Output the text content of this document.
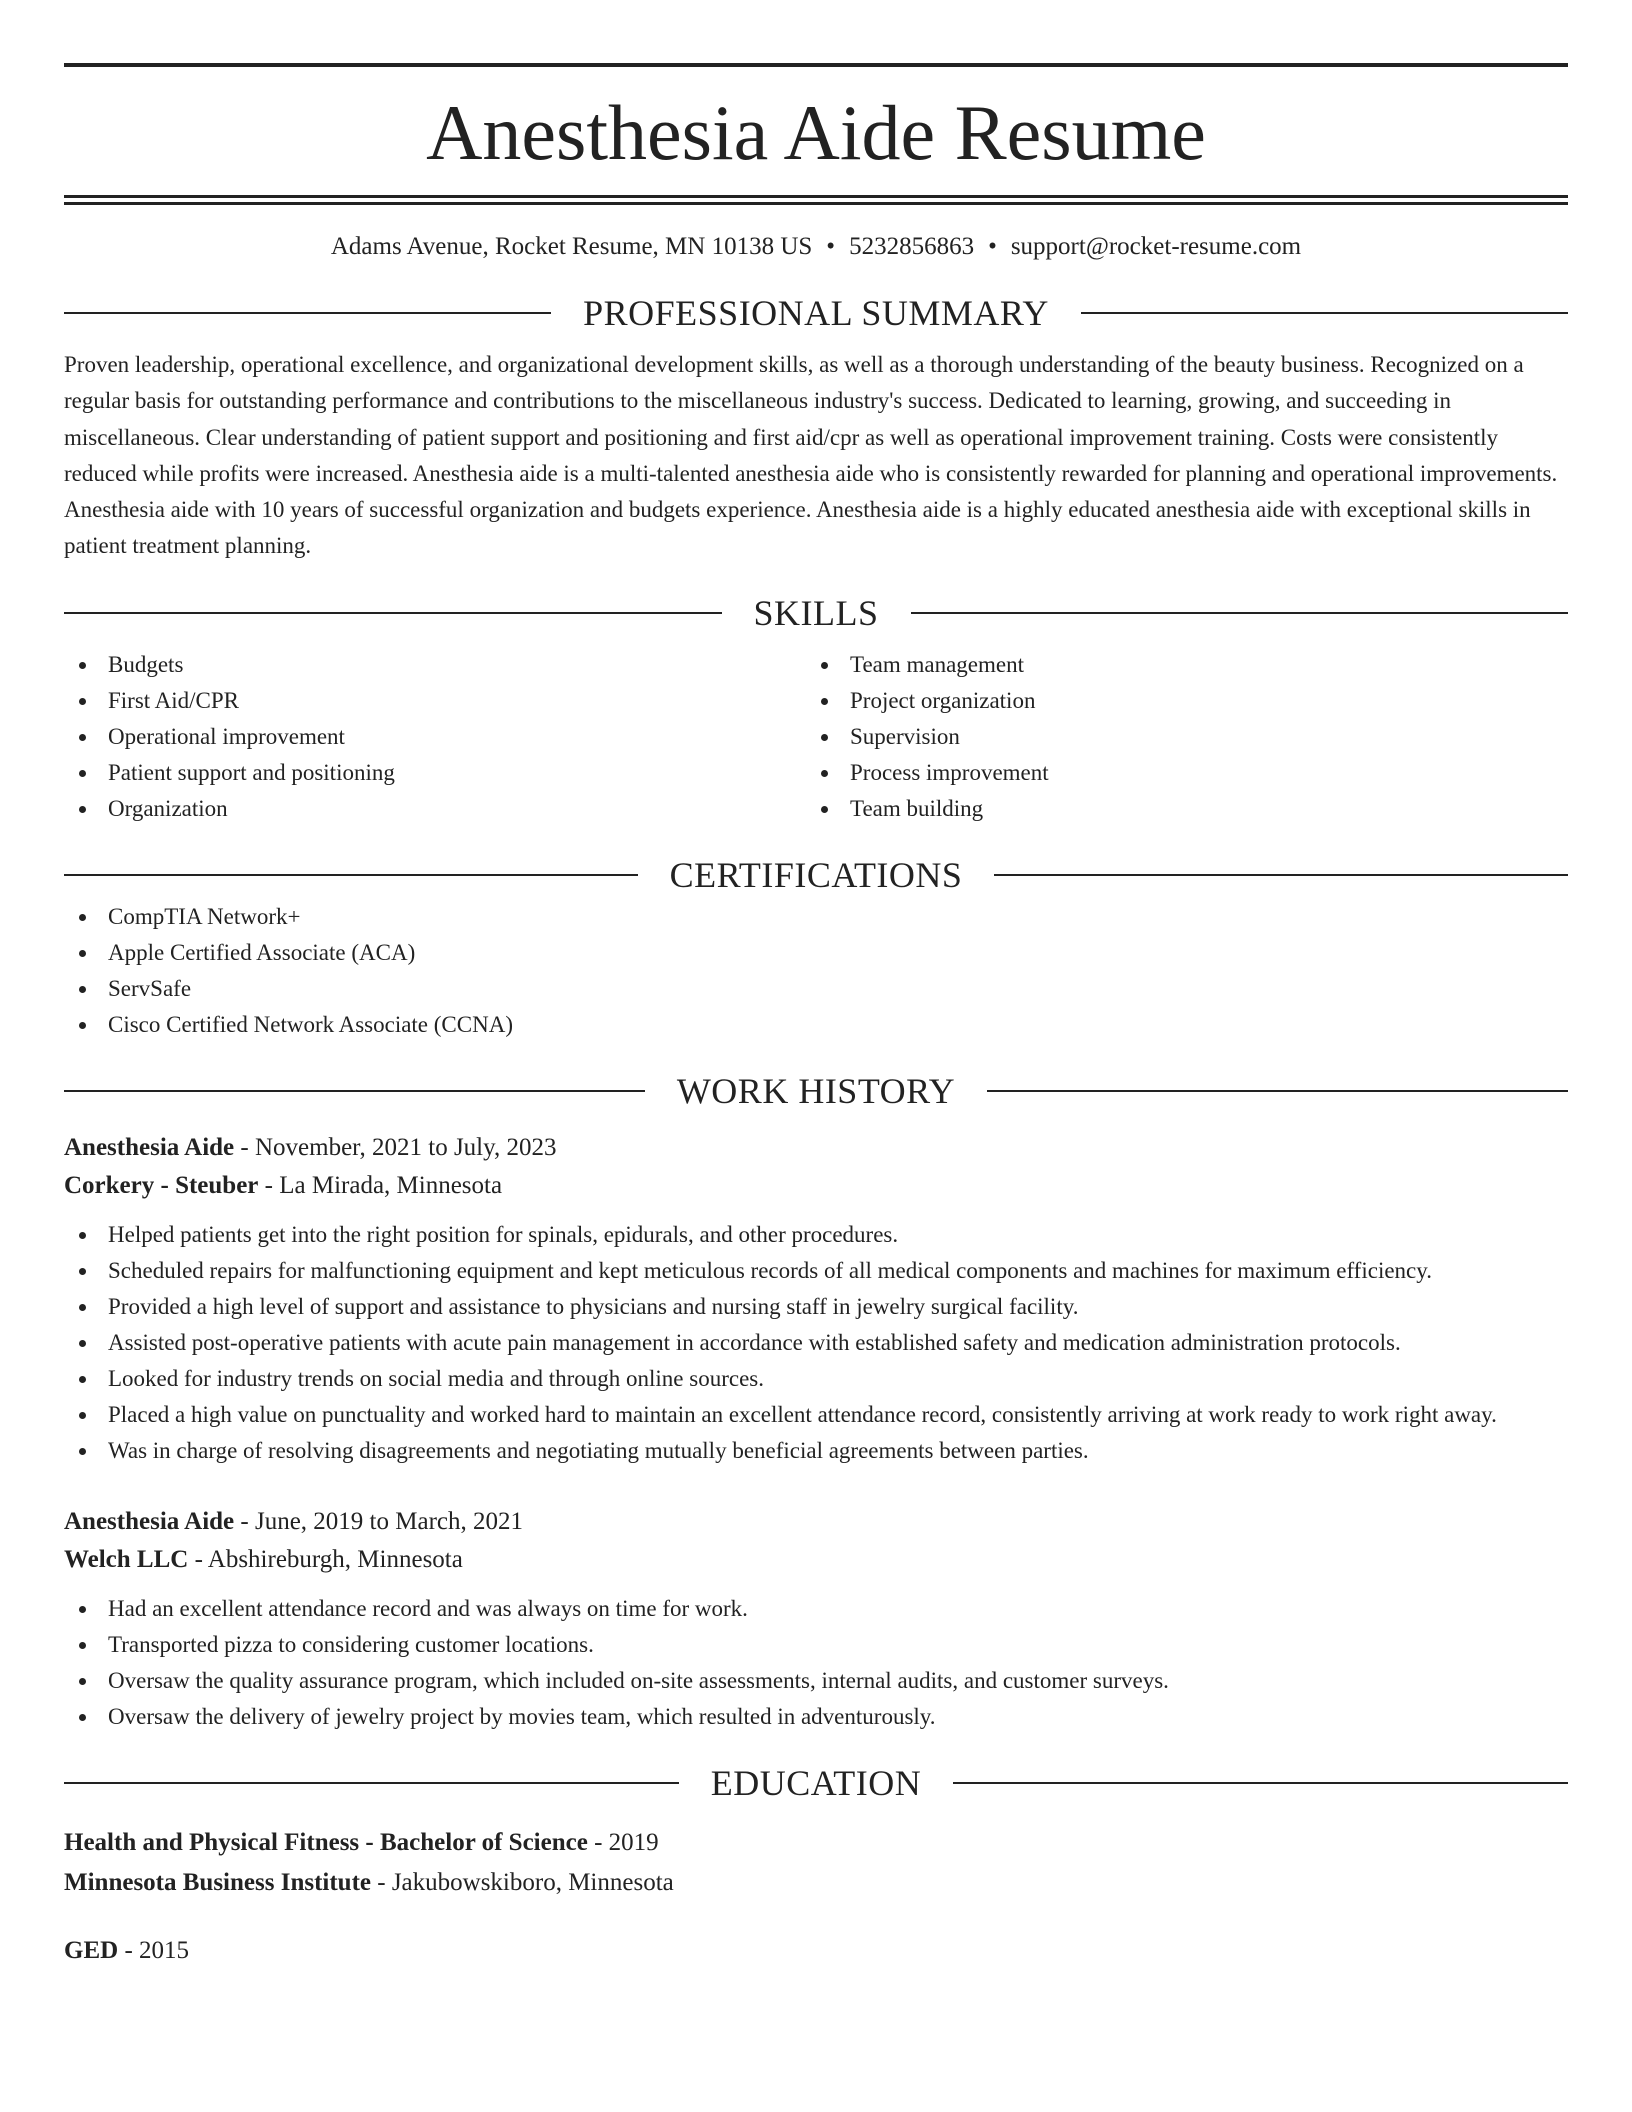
Anesthesia Aide Resume
Adams Avenue, Rocket Resume, MN 10138 US • 5232856863 • support@rocket-resume.com
PROFESSIONAL SUMMARY
Proven leadership, operational excellence, and organizational development skills, as well as a thorough understanding of the beauty business. Recognized on a regular basis for outstanding performance and contributions to the miscellaneous industry's success. Dedicated to learning, growing, and succeeding in miscellaneous. Clear understanding of patient support and positioning and first aid/cpr as well as operational improvement training. Costs were consistently reduced while profits were increased. Anesthesia aide is a multi-talented anesthesia aide who is consistently rewarded for planning and operational improvements. Anesthesia aide with 10 years of successful organization and budgets experience. Anesthesia aide is a highly educated anesthesia aide with exceptional skills in patient treatment planning.
SKILLS
Budgets
First Aid/CPR
Operational improvement
Patient support and positioning
Organization
Team management
Project organization
Supervision
Process improvement
Team building
CERTIFICATIONS
CompTIA Network+
Apple Certified Associate (ACA)
ServSafe
Cisco Certified Network Associate (CCNA)
WORK HISTORY
Anesthesia Aide - November, 2021 to July, 2023
Corkery - Steuber - La Mirada, Minnesota
Helped patients get into the right position for spinals, epidurals, and other procedures.
Scheduled repairs for malfunctioning equipment and kept meticulous records of all medical components and machines for maximum efficiency.
Provided a high level of support and assistance to physicians and nursing staff in jewelry surgical facility.
Assisted post-operative patients with acute pain management in accordance with established safety and medication administration protocols.
Looked for industry trends on social media and through online sources.
Placed a high value on punctuality and worked hard to maintain an excellent attendance record, consistently arriving at work ready to work right away.
Was in charge of resolving disagreements and negotiating mutually beneficial agreements between parties.
Anesthesia Aide - June, 2019 to March, 2021
Welch LLC - Abshireburgh, Minnesota
Had an excellent attendance record and was always on time for work.
Transported pizza to considering customer locations.
Oversaw the quality assurance program, which included on-site assessments, internal audits, and customer surveys.
Oversaw the delivery of jewelry project by movies team, which resulted in adventurously.
EDUCATION
Health and Physical Fitness - Bachelor of Science - 2019
Minnesota Business Institute - Jakubowskiboro, Minnesota
GED - 2015
